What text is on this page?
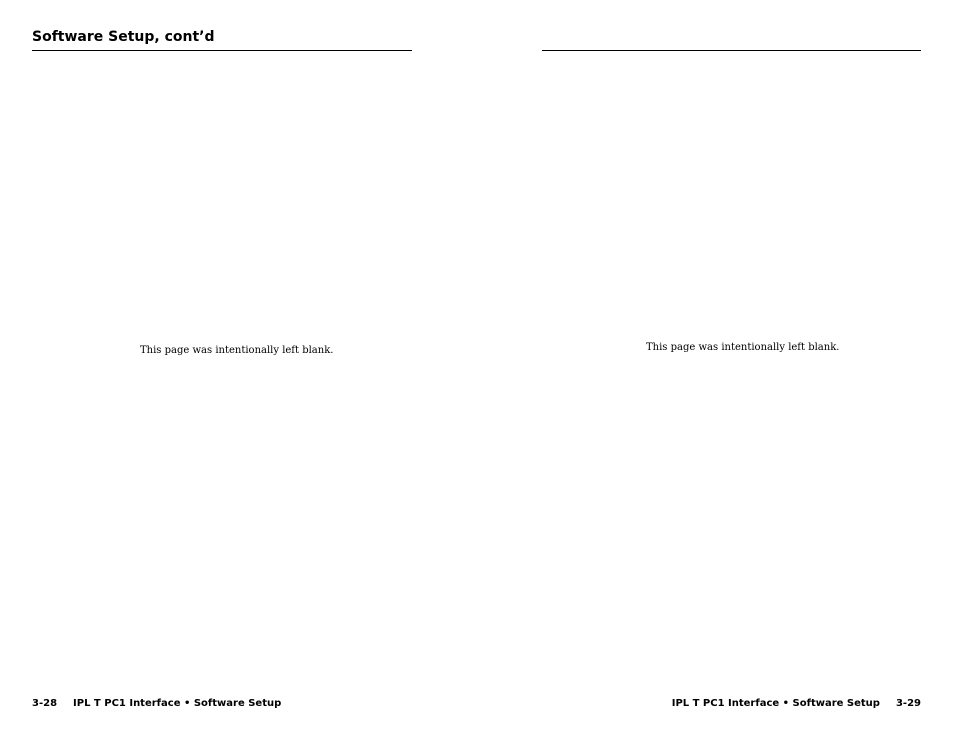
Software Setup, cont’d
This page was intentionally left blank.
3-28 IPL T PC1 Interface • Software Setup
This page was intentionally left blank.
IPL T PC1 Interface • Software Setup 3-29
